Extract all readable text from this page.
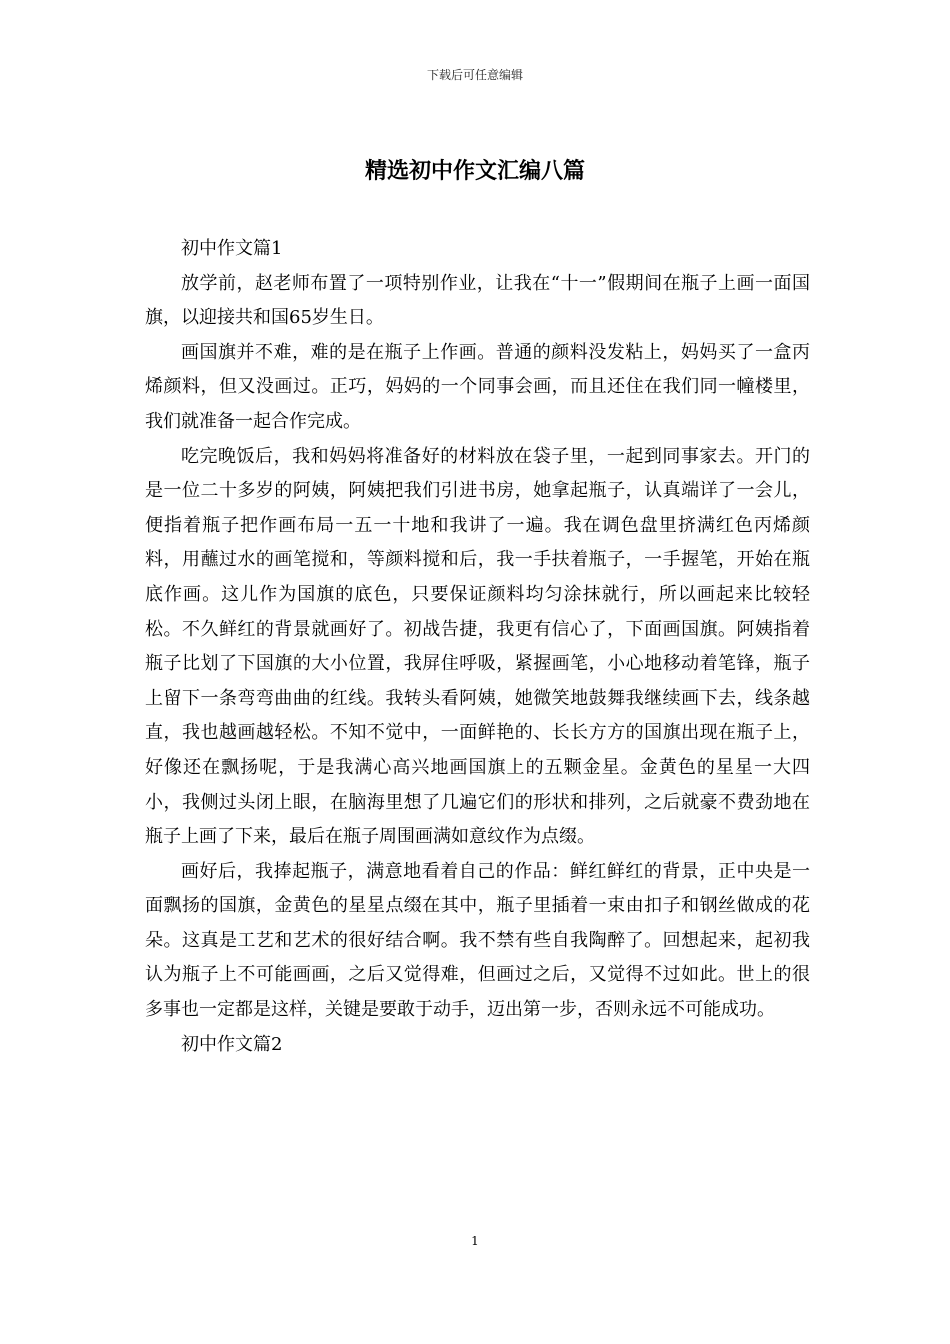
下载后可任意编辑
精选初中作文汇编八篇

初中作文篇1

放学前，赵老师布置了一项特别作业，让我在“十一”假期间在瓶子上画一面国旗，以迎接共和国65岁生日。

画国旗并不难，难的是在瓶子上作画。普通的颜料没发粘上，妈妈买了一盒丙烯颜料，但又没画过。正巧，妈妈的一个同事会画，而且还住在我们同一幢楼里，我们就准备一起合作完成。

吃完晚饭后，我和妈妈将准备好的材料放在袋子里，一起到同事家去。开门的是一位二十多岁的阿姨，阿姨把我们引进书房，她拿起瓶子，认真端详了一会儿，便指着瓶子把作画布局一五一十地和我讲了一遍。我在调色盘里挤满红色丙烯颜料，用蘸过水的画笔搅和，等颜料搅和后，我一手扶着瓶子，一手握笔，开始在瓶底作画。这儿作为国旗的底色，只要保证颜料均匀涂抹就行，所以画起来比较轻松。不久鲜红的背景就画好了。初战告捷，我更有信心了，下面画国旗。阿姨指着瓶子比划了下国旗的大小位置，我屏住呼吸，紧握画笔，小心地移动着笔锋，瓶子上留下一条弯弯曲曲的红线。我转头看阿姨，她微笑地鼓舞我继续画下去，线条越直，我也越画越轻松。不知不觉中，一面鲜艳的、长长方方的国旗出现在瓶子上，好像还在飘扬呢，于是我满心高兴地画国旗上的五颗金星。金黄色的星星一大四小，我侧过头闭上眼，在脑海里想了几遍它们的形状和排列，之后就豪不费劲地在瓶子上画了下来，最后在瓶子周围画满如意纹作为点缀。

画好后，我捧起瓶子，满意地看着自己的作品：鲜红鲜红的背景，正中央是一面飘扬的国旗，金黄色的星星点缀在其中，瓶子里插着一束由扣子和钢丝做成的花朵。这真是工艺和艺术的很好结合啊。我不禁有些自我陶醉了。回想起来，起初我认为瓶子上不可能画画，之后又觉得难，但画过之后，又觉得不过如此。世上的很多事也一定都是这样，关键是要敢于动手，迈出第一步，否则永远不可能成功。

初中作文篇2

1
